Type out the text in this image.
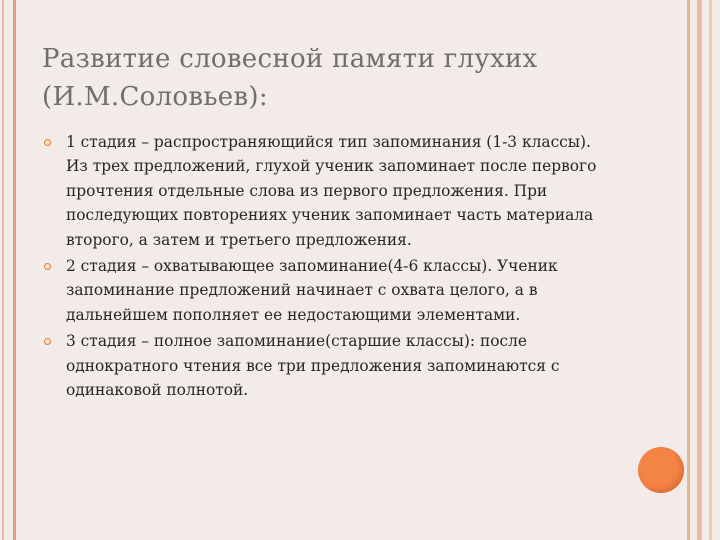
Развитие словесной памяти глухих
(И.М.Соловьев):
1 стадия – распространяющийся тип запоминания (1-3 классы). Из трех предложений, глухой ученик запоминает после первого прочтения отдельные слова из первого предложения. При последующих повторениях ученик запоминает часть материала второго, а затем и третьего предложения.
2 стадия – охватывающее запоминание(4-6 классы). Ученик запоминание предложений начинает с охвата целого, а в дальнейшем пополняет ее недостающими элементами.
3 стадия – полное запоминание(старшие классы): после однократного чтения все три предложения запоминаются с одинаковой полнотой.
